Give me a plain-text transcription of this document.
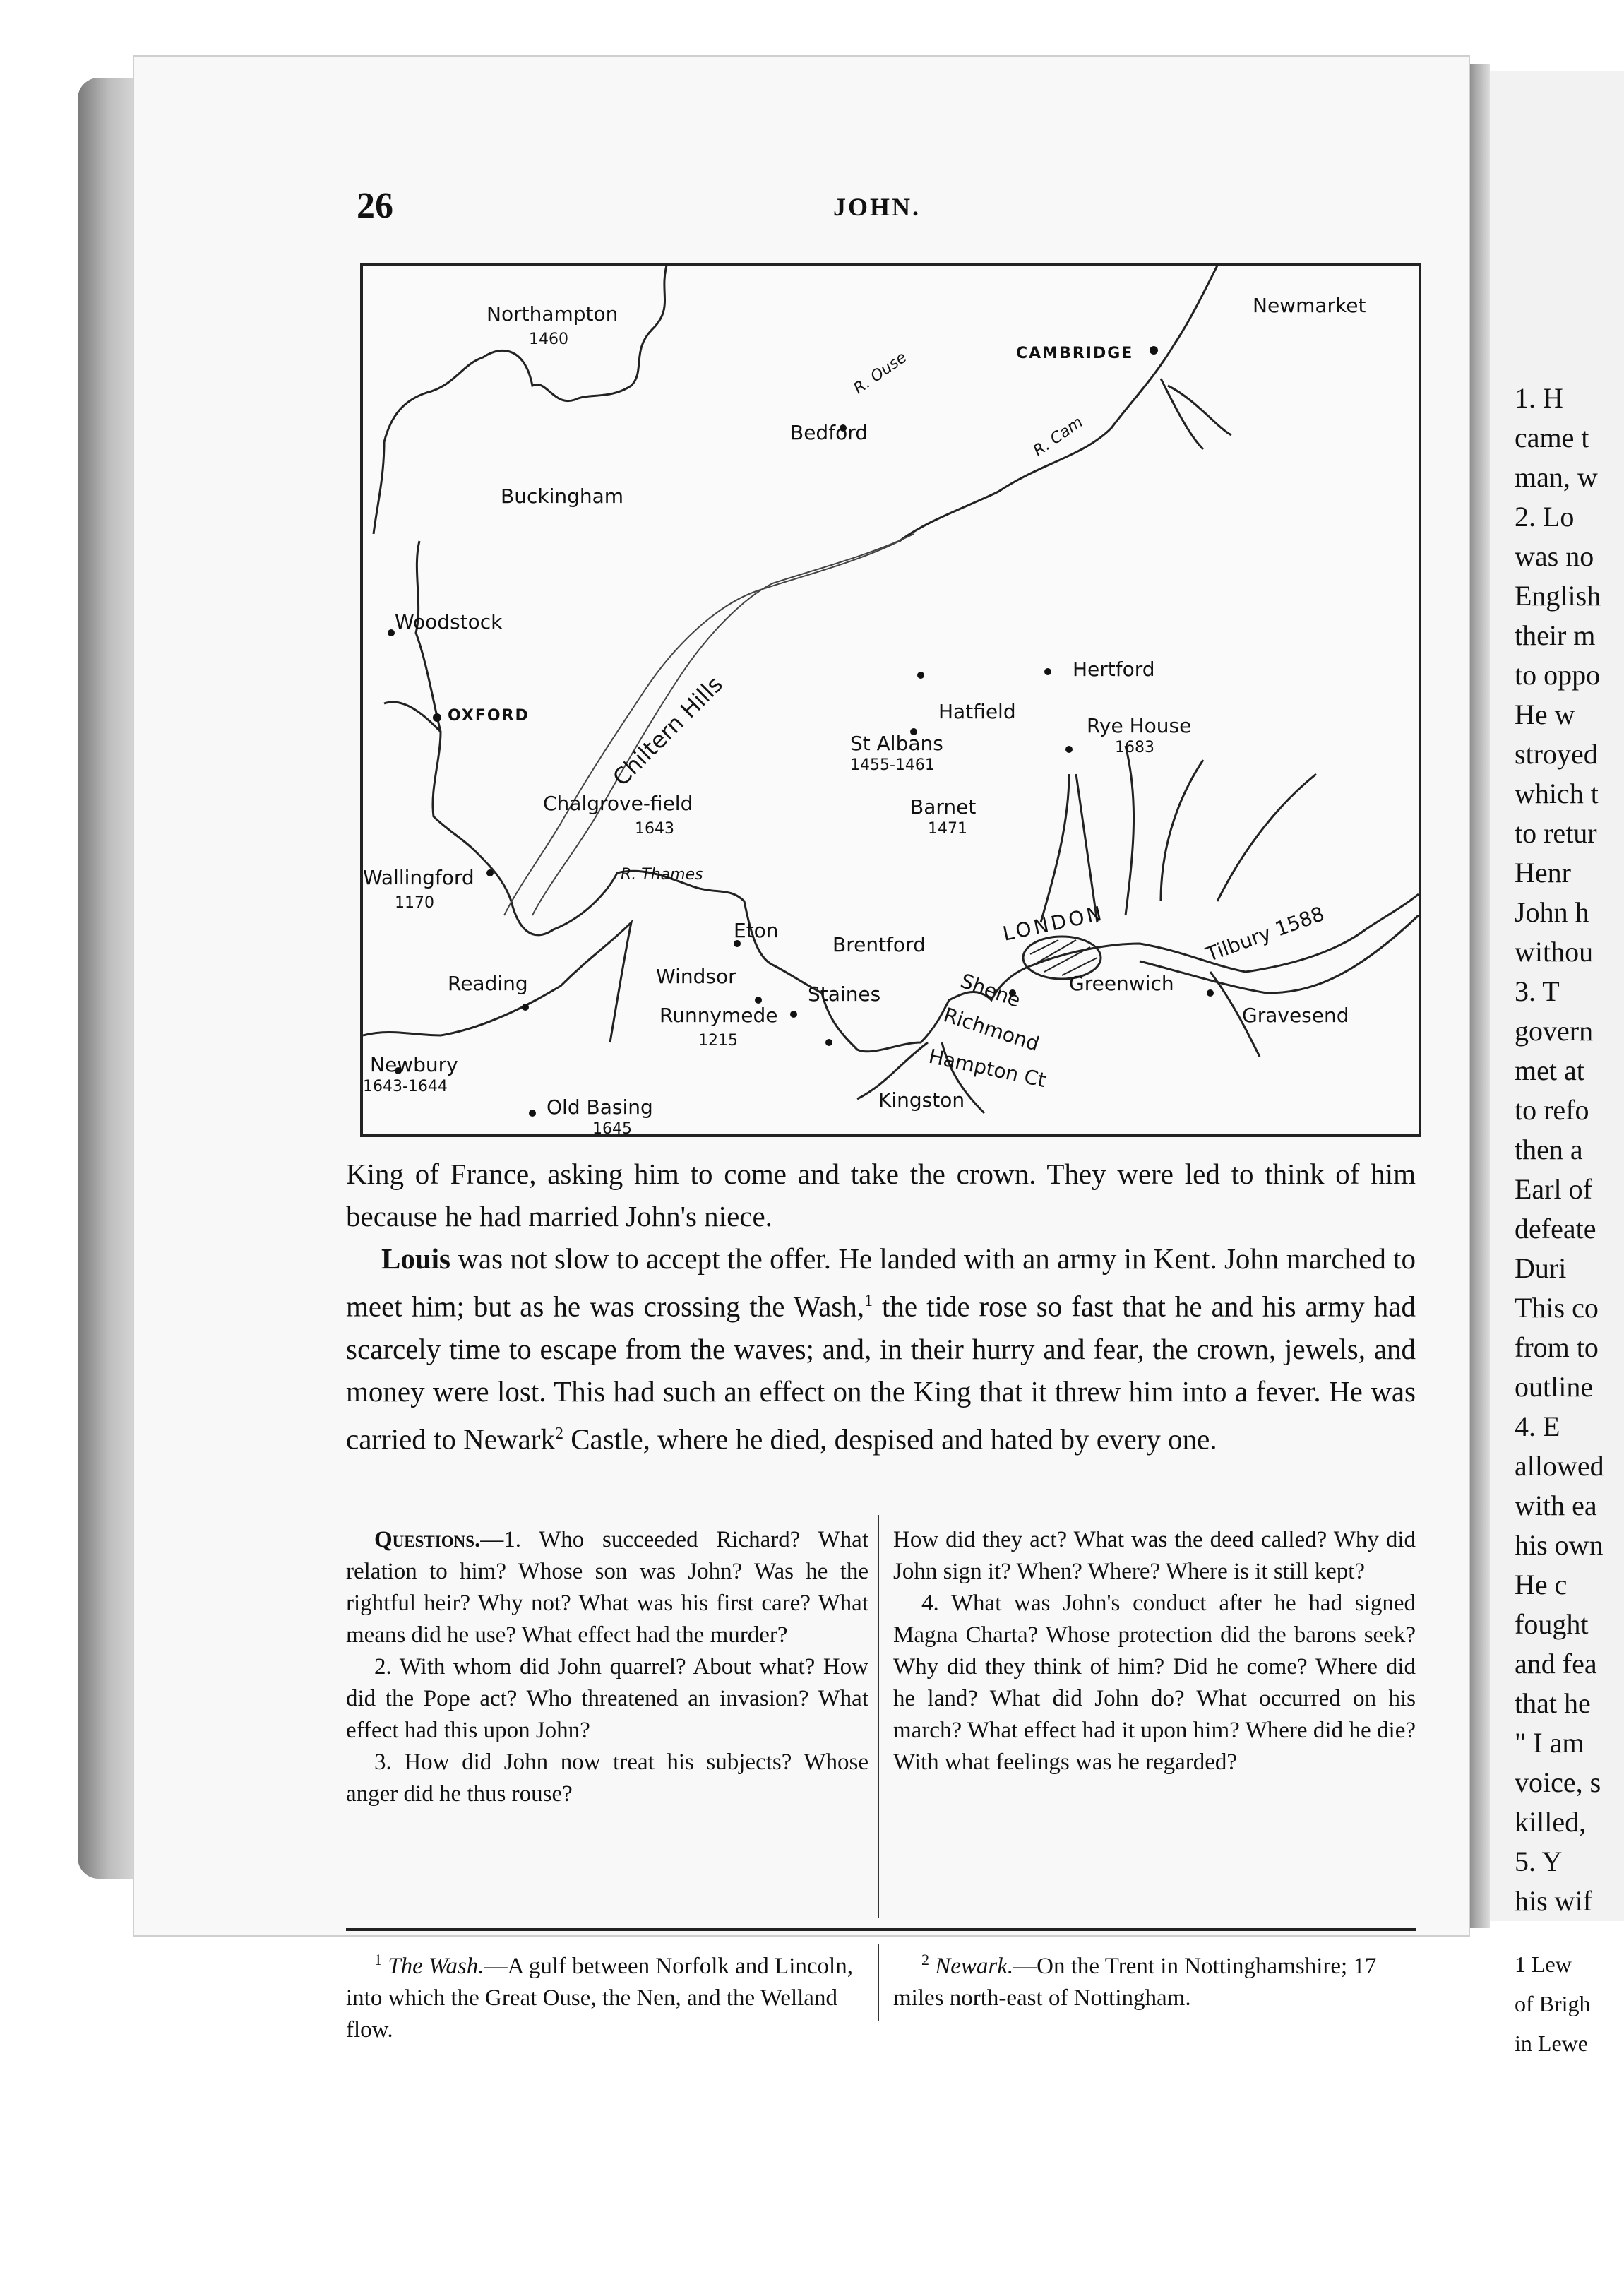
26	JOHN.
Northampton
1460
Newmarket
CAMBRIDGE
R. Ouse
Bedford	R. Cam
Buckingham
Woodstock
OXFORD	Chiltern Hills
Hertford
Hatfield
Rye House
1683
St Albans
1455-1461
Chalgrove-field
1643
Barnet
1471
Wallingford
1170
R. Thames
Eton
Brentford	LONDON	Tilbury 1588
Windsor
Staines	Shene Greenwich
Reading
Runnymede
1215	Richmond	Gravesend
Hampton Ct
Newbury
1643-1644
Kingston
Old Basing
1645

King of France, asking him to come and take the crown. They were led to think of him because he had married John's niece.

Louis was not slow to accept the offer. He landed with an army in Kent. John marched to meet him; but as he was crossing the Wash,$^1$ the tide rose so fast that he and his army had scarcely time to escape from the waves; and, in their hurry and fear, the crown, jewels, and money were lost. This had such an effect on the King that it threw him into a fever. He was carried to Newark$^2$ Castle, where he died, despised and hated by every one.

Questions.—1. Who succeeded Richard? What relation to him? Whose son was John? Was he the rightful heir? Why not? What was his first care? What means did he use? What effect had the murder?

2. With whom did John quarrel? About what? How did the Pope act? Who threatened an invasion? What effect had this upon John?

3. How did John now treat his subjects? Whose anger did he thus rouse?

How did they act? What was the deed called? Why did John sign it? When? Where? Where is it still kept?

4. What was John's conduct after he had signed Magna Charta? Whose protection did the barons seek? Why did they think of him? Did he come? Where did he land? What did John do? What occurred on his march? What effect had it upon him? Where did he die? With what feelings was he regarded?

$^1$ The Wash.—A gulf between Norfolk and Lincoln, into which the Great Ouse, the Nen, and the Welland flow.
$^2$ Newark.—On the Trent in Nottinghamshire; 17 miles north-east of Nottingham.
1. H
came t
man, w
2. Lo
was no
English
their m
to oppo
He w
stroyed
which t
to retur
Henr
John h
withou
3. T
govern
met at
to refo
then a
Earl of
defeate
Duri
This co
from to
outline
4. E
allowed
with ea
his own
He c
fought
and fea
that he
" I am
voice, s
killed,
5. Y
his wif
1 Lew
of Brigh
in Lewe
